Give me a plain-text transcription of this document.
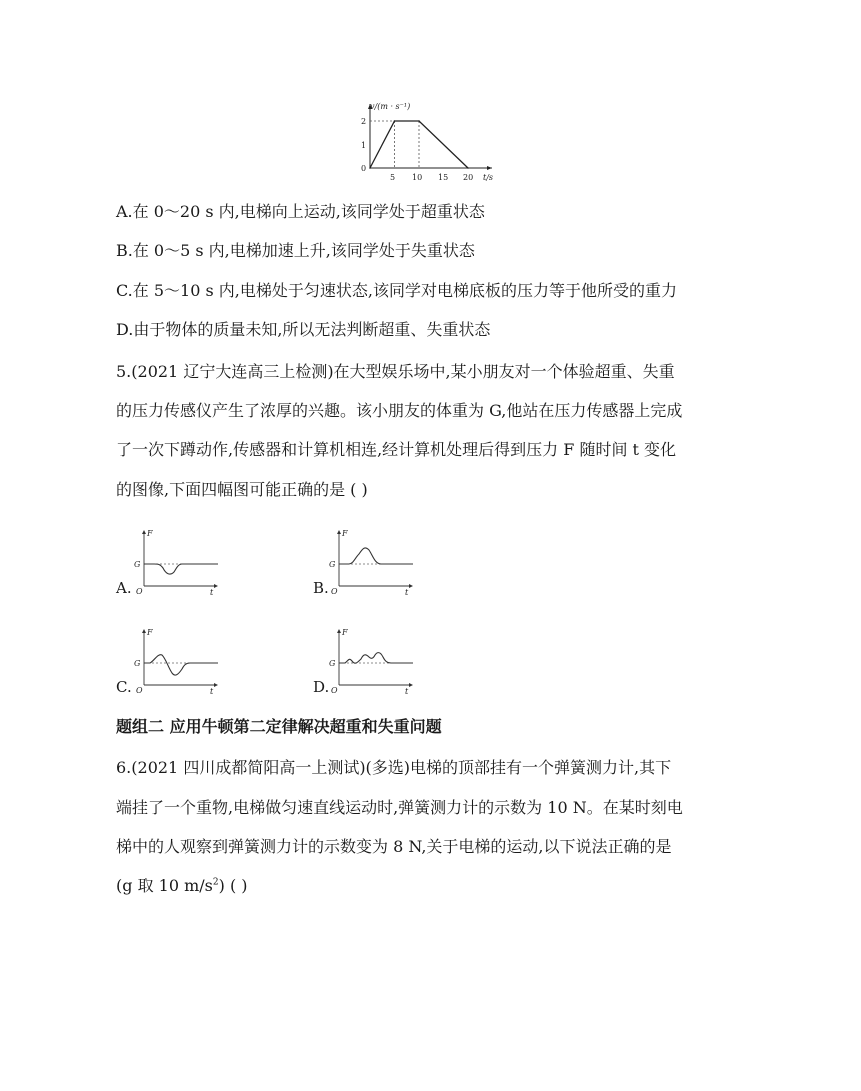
v/(m · s⁻¹)
t/s
0
1
2
5 10 15 20
A.在 0～20 s 内,电梯向上运动,该同学处于超重状态
B.在 0～5 s 内,电梯加速上升,该同学处于失重状态
C.在 5～10 s 内,电梯处于匀速状态,该同学对电梯底板的压力等于他所受的重力
D.由于物体的质量未知,所以无法判断超重、失重状态
5.(2021 辽宁大连高三上检测)在大型娱乐场中,某小朋友对一个体验超重、失重
的压力传感仪产生了浓厚的兴趣。该小朋友的体重为 G,他站在压力传感器上完成
了一次下蹲动作,传感器和计算机相连,经计算机处理后得到压力 F 随时间 t 变化
的图像,下面四幅图可能正确的是 ( )
A.	B.
C.	D.
F
G
O	t
F
G
O	t
F
G
O	t
F
G
O	t
题组二 应用牛顿第二定律解决超重和失重问题
6.(2021 四川成都简阳高一上测试)(多选)电梯的顶部挂有一个弹簧测力计,其下
端挂了一个重物,电梯做匀速直线运动时,弹簧测力计的示数为 10 N。在某时刻电
梯中的人观察到弹簧测力计的示数变为 8 N,关于电梯的运动,以下说法正确的是
(g 取 10 $m/s^2$) ( )
